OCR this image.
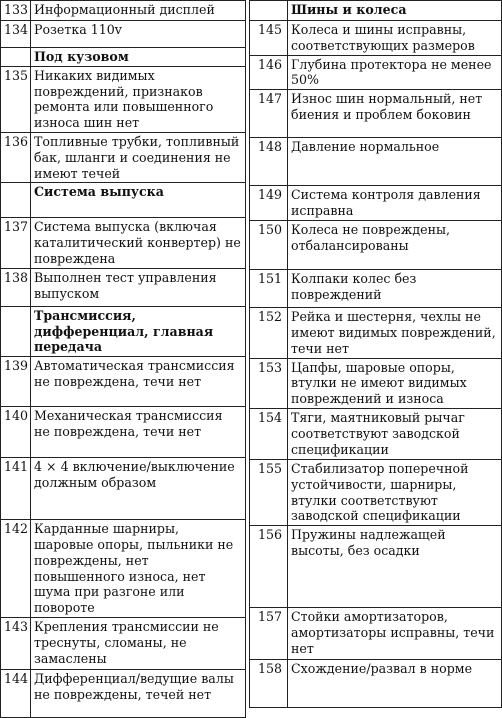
133	Информационный дисплей
134	Розетка 110v
	Под кузовом
135	Никаких видимых повреждений, признаков ремонта или повышенного износа шин нет
136	Топливные трубки, топливный бак, шланги и соединения не имеют течей
	Система выпуска
137	Система выпуска (включая каталитический конвертер) не повреждена
138	Выполнен тест управления выпуском
	Трансмиссия, дифференциал, главная передача
139	Автоматическая трансмиссия не повреждена, течи нет
140	Механическая трансмиссия не повреждена, течи нет
141	4 × 4 включение/выключение должным образом
142	Карданные шарниры, шаровые опоры, пыльники не повреждены, нет повышенного износа, нет шума при разгоне или повороте
143	Крепления трансмиссии не треснуты, сломаны, не замаслены
144	Дифференциал/ведущие валы не повреждены, течей нет
	Шины и колеса
145	Колеса и шины исправны, соответствующих размеров
146	Глубина протектора не менее 50%
147	Износ шин нормальный, нет биения и проблем боковин
148	Давление нормальное
149	Система контроля давления исправна
150	Колеса не повреждены, отбалансированы
151	Колпаки колес без повреждений
152	Рейка и шестерня, чехлы не имеют видимых повреждений, течи нет
153	Цапфы, шаровые опоры, втулки не имеют видимых повреждений и износа
154	Тяги, маятниковый рычаг соответствуют заводской спецификации
155	Стабилизатор поперечной устойчивости, шарниры, втулки соответствуют заводской спецификации
156	Пружины надлежащей высоты, без осадки
157	Стойки амортизаторов, амортизаторы исправны, течи нет
158	Схождение/развал в норме
